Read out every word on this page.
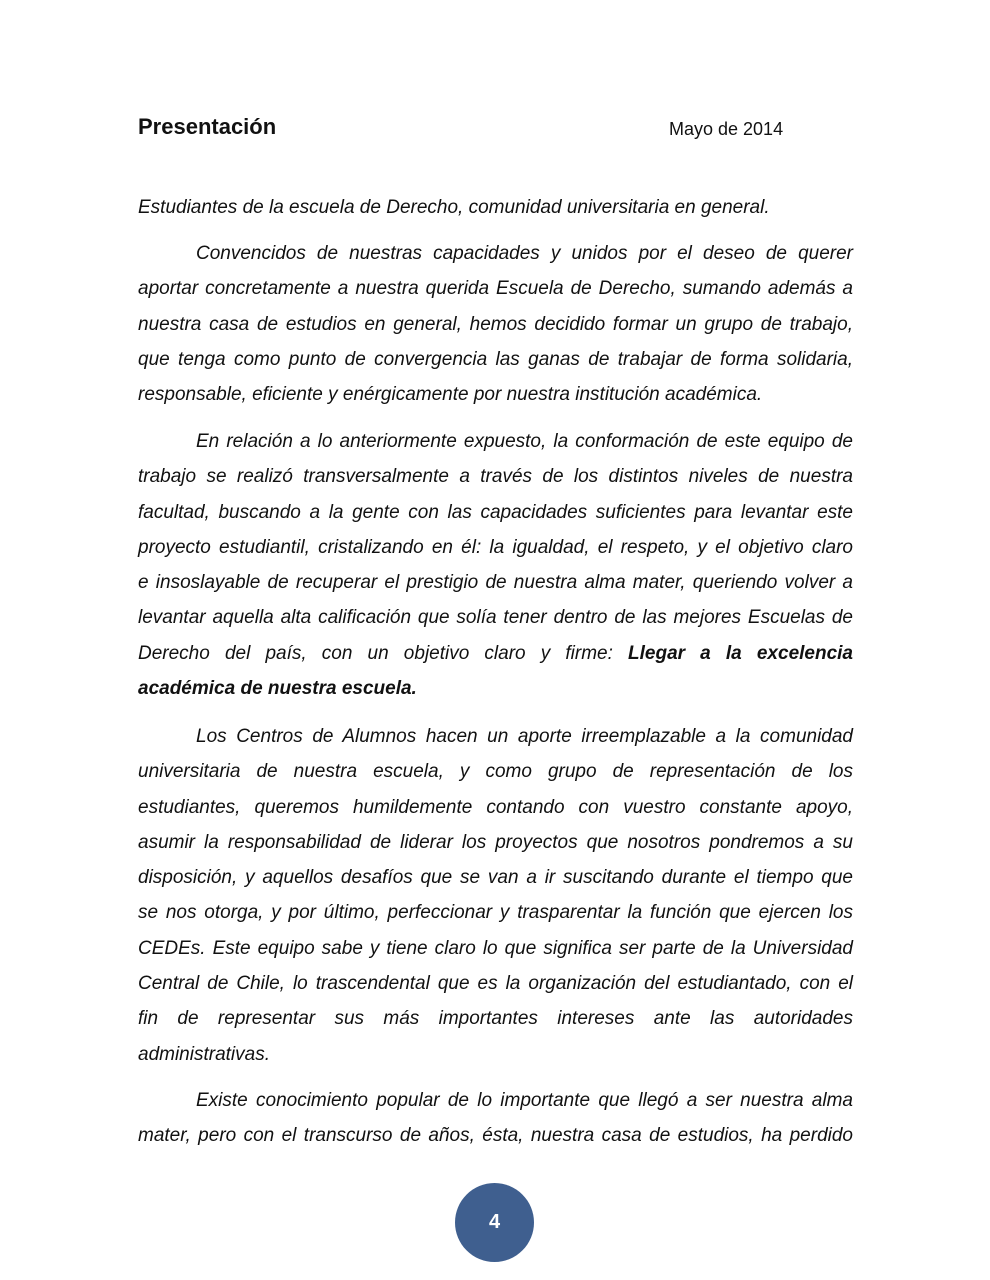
Presentación	Mayo de 2014
Estudiantes de la escuela de Derecho, comunidad universitaria en general.
Convencidos de nuestras capacidades y unidos por el deseo de querer
aportar concretamente a nuestra querida Escuela de Derecho, sumando además a
nuestra casa de estudios en general, hemos decidido formar un grupo de trabajo,
que tenga como punto de convergencia las ganas de trabajar de forma solidaria,
responsable, eficiente y enérgicamente por nuestra institución académica.
En relación a lo anteriormente expuesto, la conformación de este equipo de
trabajo se realizó transversalmente a través de los distintos niveles de nuestra
facultad, buscando a la gente con las capacidades suficientes para levantar este
proyecto estudiantil, cristalizando en él: la igualdad, el respeto, y el objetivo claro
e insoslayable de recuperar el prestigio de nuestra alma mater, queriendo volver a
levantar aquella alta calificación que solía tener dentro de las mejores Escuelas de
Derecho del país, con un objetivo claro y firme: Llegar a la excelencia
académica de nuestra escuela.
Los Centros de Alumnos hacen un aporte irreemplazable a la comunidad
universitaria de nuestra escuela, y como grupo de representación de los
estudiantes, queremos humildemente contando con vuestro constante apoyo,
asumir la responsabilidad de liderar los proyectos que nosotros pondremos a su
disposición, y aquellos desafíos que se van a ir suscitando durante el tiempo que
se nos otorga, y por último, perfeccionar y trasparentar la función que ejercen los
CEDEs. Este equipo sabe y tiene claro lo que significa ser parte de la Universidad
Central de Chile, lo trascendental que es la organización del estudiantado, con el
fin de representar sus más importantes intereses ante las autoridades
administrativas.
Existe conocimiento popular de lo importante que llegó a ser nuestra alma
mater, pero con el transcurso de años, ésta, nuestra casa de estudios, ha perdido
4
